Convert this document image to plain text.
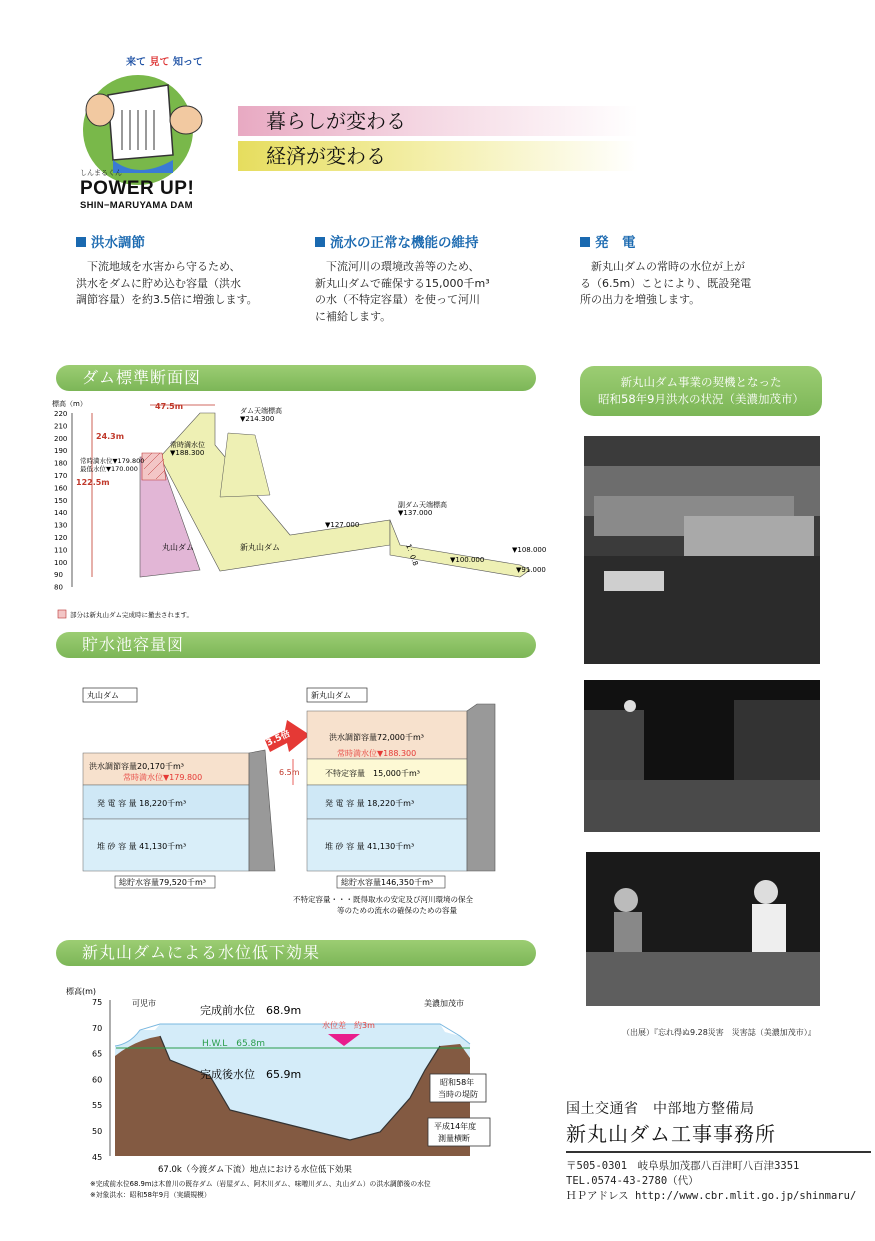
来て 見て 知って
しんまるくん
POWER UP!
SHIN−MARUYAMA DAM
暮らしが変わる
経済が変わる
洪水調節
　下流地域を水害から守るため、
洪水をダムに貯め込む容量（洪水
調節容量）を約3.5倍に増強します。
流水の正常な機能の維持
　下流河川の環境改善等のため、
新丸山ダムで確保する15,000千m³
の水（不特定容量）を使って河川
に補給します。
発　電
　新丸山ダムの常時の水位が上が
る（6.5m）ことにより、既設発電
所の出力を増強します。
ダム標準断面図
標高（m）
220
210
200
190
180
170
160
150
140
130
120
110
100
90
80
47.5m
24.3m
122.5m
ダム天端標高
▼214.300
常時満水位
▼188.300
常時満水位▼179.800
最低水位▼170.000
副ダム天端標高
▼137.000
▼127.000
▼100.000
▼108.000
▼91.000
1：0.8
丸山ダム	新丸山ダム
部分は新丸山ダム完成時に撤去されます。
貯水池容量図
丸山ダム
洪水調節容量20,170千m³
常時満水位▼179.800
発 電 容 量 18,220千m³
堆 砂 容 量 41,130千m³
総貯水容量79,520千m³
3.5倍
6.5m
新丸山ダム
洪水調節容量72,000千m³
常時満水位▼188.300
不特定容量　15,000千m³
発 電 容 量 18,220千m³
堆 砂 容 量 41,130千m³
総貯水容量146,350千m³
不特定容量・・・既得取水の安定及び河川環境の保全
等のための流水の確保のための容量
新丸山ダムによる水位低下効果
標高(m)
75
70
65
60
55
50
45
可児市	美濃加茂市
完成前水位　68.9m
完成後水位　65.9m
H.W.L　65.8m
水位差　約3m
昭和58年
当時の堤防
平成14年度
測量横断
67.0k（今渡ダム下流）地点における水位低下効果
※完成前水位68.9mは木曽川の既存ダム（岩屋ダム、阿木川ダム、味噌川ダム、丸山ダム）の洪水調節後の水位
※対象洪水：昭和58年9月（実績規模）
新丸山ダム事業の契機となった
昭和58年9月洪水の状況（美濃加茂市）
（出展）『忘れ得ぬ9.28災害　災害誌（美濃加茂市）』
国土交通省　中部地方整備局
新丸山ダム工事事務所
〒505-0301　岐阜県加茂郡八百津町八百津3351
TEL.0574-43-2780（代）
ＨＰアドレス http://www.cbr.mlit.go.jp/shinmaru/
